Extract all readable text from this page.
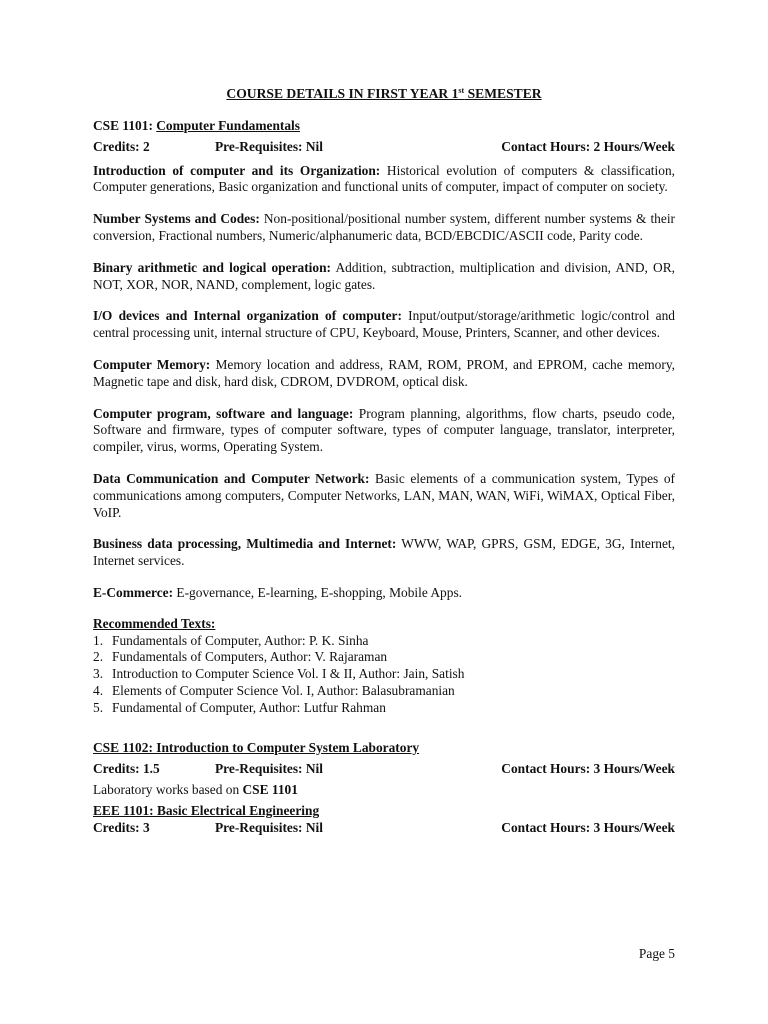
COURSE DETAILS IN FIRST YEAR 1st SEMESTER
CSE 1101: Computer Fundamentals
Credits: 2	Pre-Requisites: Nil	Contact Hours: 2 Hours/Week
Introduction of computer and its Organization: Historical evolution of computers & classification, Computer generations, Basic organization and functional units of computer, impact of computer on society.
Number Systems and Codes: Non-positional/positional number system, different number systems & their conversion, Fractional numbers, Numeric/alphanumeric data, BCD/EBCDIC/ASCII code, Parity code.
Binary arithmetic and logical operation: Addition, subtraction, multiplication and division, AND, OR, NOT, XOR, NOR, NAND, complement, logic gates.
I/O devices and Internal organization of computer: Input/output/storage/arithmetic logic/control and central processing unit, internal structure of CPU, Keyboard, Mouse, Printers, Scanner, and other devices.
Computer Memory: Memory location and address, RAM, ROM, PROM, and EPROM, cache memory, Magnetic tape and disk, hard disk, CDROM, DVDROM, optical disk.
Computer program, software and language: Program planning, algorithms, flow charts, pseudo code, Software and firmware, types of computer software, types of computer language, translator, interpreter, compiler, virus, worms, Operating System.
Data Communication and Computer Network: Basic elements of a communication system, Types of communications among computers, Computer Networks, LAN, MAN, WAN, WiFi, WiMAX, Optical Fiber, VoIP.
Business data processing, Multimedia and Internet: WWW, WAP, GPRS, GSM, EDGE, 3G, Internet, Internet services.
E-Commerce: E-governance, E-learning, E-shopping, Mobile Apps.
Recommended Texts:
1. Fundamentals of Computer, Author: P. K. Sinha
2. Fundamentals of Computers, Author: V. Rajaraman
3. Introduction to Computer Science Vol. I & II, Author: Jain, Satish
4. Elements of Computer Science Vol. I, Author: Balasubramanian
5. Fundamental of Computer, Author: Lutfur Rahman
CSE 1102: Introduction to Computer System Laboratory
Credits: 1.5	Pre-Requisites: Nil	Contact Hours: 3 Hours/Week
Laboratory works based on CSE 1101
EEE 1101: Basic Electrical Engineering
Credits: 3	Pre-Requisites: Nil	Contact Hours: 3 Hours/Week
Page 5
